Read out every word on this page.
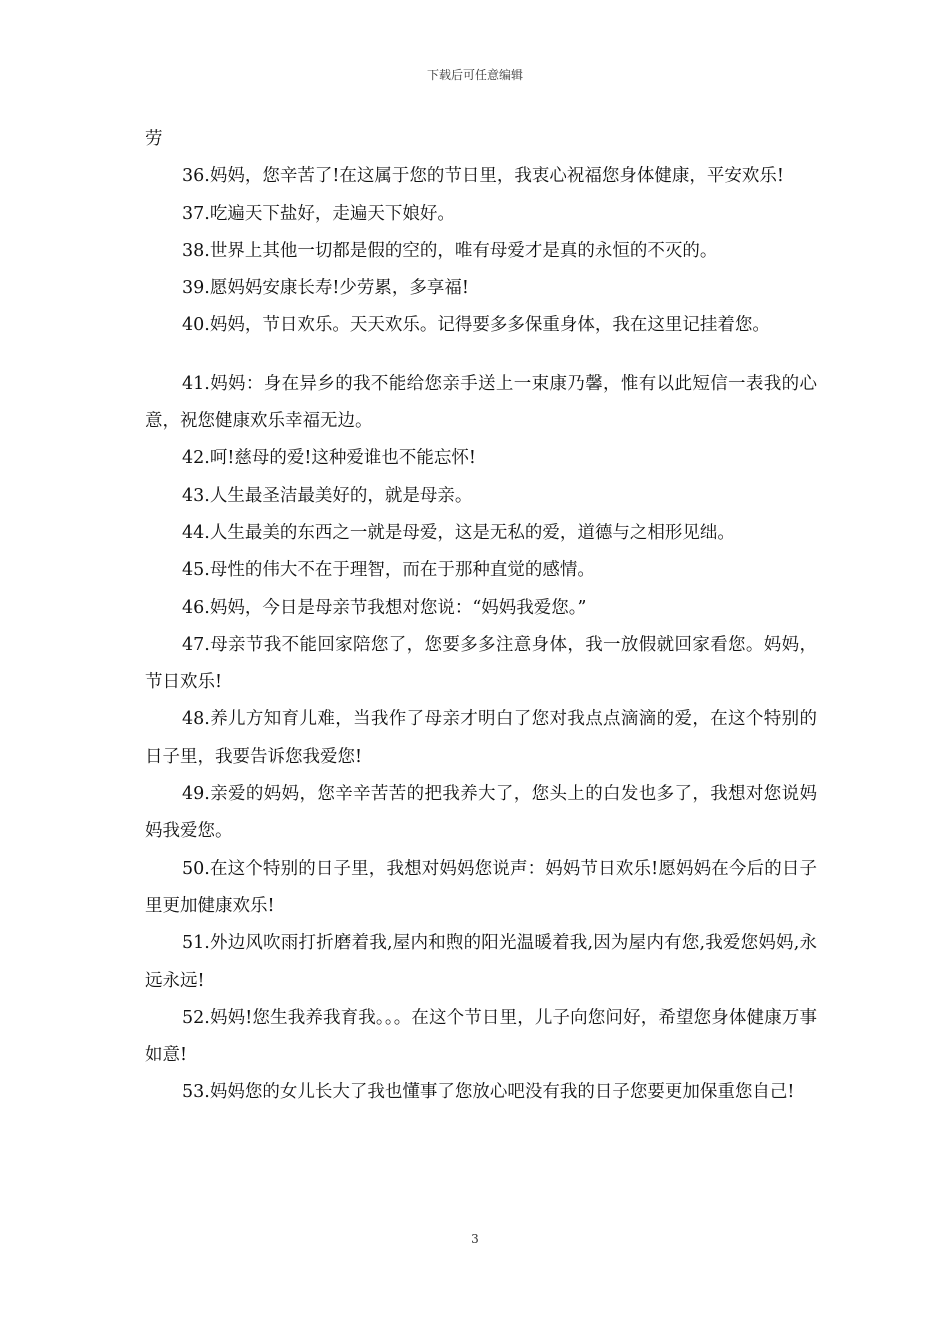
下载后可任意编辑

劳

36.妈妈，您辛苦了!在这属于您的节日里，我衷心祝福您身体健康，平安欢乐!

37.吃遍天下盐好，走遍天下娘好。

38.世界上其他一切都是假的空的，唯有母爱才是真的永恒的不灭的。

39.愿妈妈安康长寿!少劳累，多享福!

40.妈妈，节日欢乐。天天欢乐。记得要多多保重身体，我在这里记挂着您。

41.妈妈：身在异乡的我不能给您亲手送上一束康乃馨，惟有以此短信一表我的心意，祝您健康欢乐幸福无边。

42.呵!慈母的爱!这种爱谁也不能忘怀!

43.人生最圣洁最美好的，就是母亲。

44.人生最美的东西之一就是母爱，这是无私的爱，道德与之相形见绌。

45.母性的伟大不在于理智，而在于那种直觉的感情。

46.妈妈，今日是母亲节我想对您说：“妈妈我爱您。”

47.母亲节我不能回家陪您了，您要多多注意身体，我一放假就回家看您。妈妈，节日欢乐!

48.养儿方知育儿难，当我作了母亲才明白了您对我点点滴滴的爱，在这个特别的日子里，我要告诉您我爱您!

49.亲爱的妈妈，您辛辛苦苦的把我养大了，您头上的白发也多了，我想对您说妈妈我爱您。

50.在这个特别的日子里，我想对妈妈您说声：妈妈节日欢乐!愿妈妈在今后的日子里更加健康欢乐!

51.外边风吹雨打折磨着我,屋内和煦的阳光温暖着我,因为屋内有您,我爱您妈妈,永远永远!

52.妈妈!您生我养我育我。。。在这个节日里，儿子向您问好，希望您身体健康万事如意!

53.妈妈您的女儿长大了我也懂事了您放心吧没有我的日子您要更加保重您自己!

3
